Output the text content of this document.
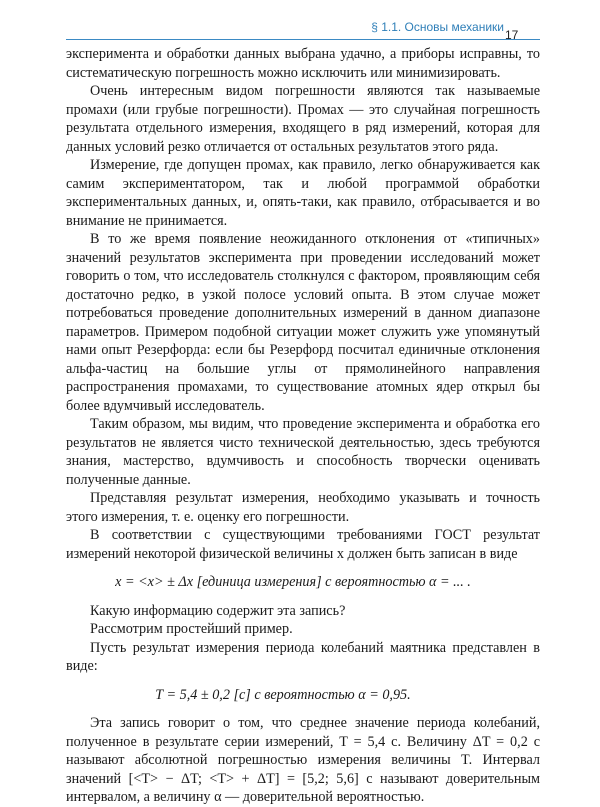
§ 1.1. Основы механики
17

эксперимента и обработки данных выбрана удачно, а приборы исправны, то систематическую погрешность можно исключить или минимизировать.

Очень интересным видом погрешности являются так называемые промахи (или грубые погрешности). Промах — это случайная погрешность результата отдельного измерения, входящего в ряд измерений, которая для данных условий резко отличается от остальных результатов этого ряда.

Измерение, где допущен промах, как правило, легко обнаруживается как самим экспериментатором, так и любой программой обработки экспериментальных данных, и, опять-таки, как правило, отбрасывается и во внимание не принимается.

В то же время появление неожиданного отклонения от «типичных» значений результатов эксперимента при проведении исследований может говорить о том, что исследователь столкнулся с фактором, проявляющим себя достаточно редко, в узкой полосе условий опыта. В этом случае может потребоваться проведение дополнительных измерений в данном диапазоне параметров. Примером подобной ситуации может служить уже упомянутый нами опыт Резерфорда: если бы Резерфорд посчитал единичные отклонения альфа-частиц на большие углы от прямолинейного направления распространения промахами, то существование атомных ядер открыл бы более вдумчивый исследователь.

Таким образом, мы видим, что проведение эксперимента и обработка его результатов не является чисто технической деятельностью, здесь требуются знания, мастерство, вдумчивость и способность творчески оценивать полученные данные.

Представляя результат измерения, необходимо указывать и точность этого измерения, т. е. оценку его погрешности.

В соответствии с существующими требованиями ГОСТ результат измерений некоторой физической величины x должен быть записан в виде

x = <x> ± Δx [единица измерения] с вероятностью α = ... .

Какую информацию содержит эта запись?

Рассмотрим простейший пример.

Пусть результат измерения периода колебаний маятника представлен в виде:

T = 5,4 ± 0,2 [с] с вероятностью α = 0,95.

Эта запись говорит о том, что среднее значение периода колебаний, полученное в результате серии измерений, T = 5,4 с. Величину ΔT = 0,2 с называют абсолютной погрешностью измерения величины T. Интервал значений [<T> − ΔT; <T> + ΔT] = [5,2; 5,6] с называют доверительным интервалом, а величину α — доверительной вероятностью.
